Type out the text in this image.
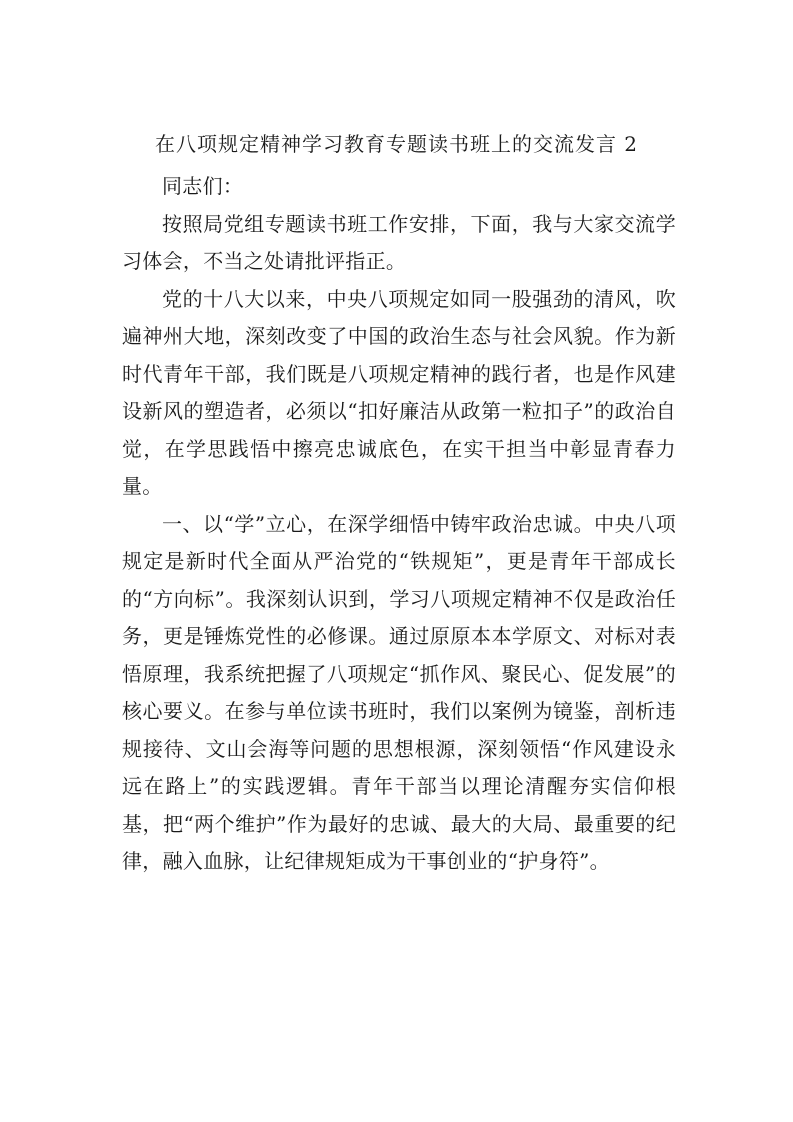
在八项规定精神学习教育专题读书班上的交流发言 2

同志们：

按照局党组专题读书班工作安排，下面，我与大家交流学习体会，不当之处请批评指正。

党的十八大以来，中央八项规定如同一股强劲的清风，吹遍神州大地，深刻改变了中国的政治生态与社会风貌。作为新时代青年干部，我们既是八项规定精神的践行者，也是作风建设新风的塑造者，必须以“扣好廉洁从政第一粒扣子”的政治自觉，在学思践悟中擦亮忠诚底色，在实干担当中彰显青春力量。

一、以“学”立心，在深学细悟中铸牢政治忠诚。中央八项规定是新时代全面从严治党的“铁规矩”，更是青年干部成长的“方向标”。我深刻认识到，学习八项规定精神不仅是政治任务，更是锤炼党性的必修课。通过原原本本学原文、对标对表悟原理，我系统把握了八项规定“抓作风、聚民心、促发展”的核心要义。在参与单位读书班时，我们以案例为镜鉴，剖析违规接待、文山会海等问题的思想根源，深刻领悟“作风建设永远在路上”的实践逻辑。青年干部当以理论清醒夯实信仰根基，把“两个维护”作为最好的忠诚、最大的大局、最重要的纪律，融入血脉，让纪律规矩成为干事创业的“护身符”。
